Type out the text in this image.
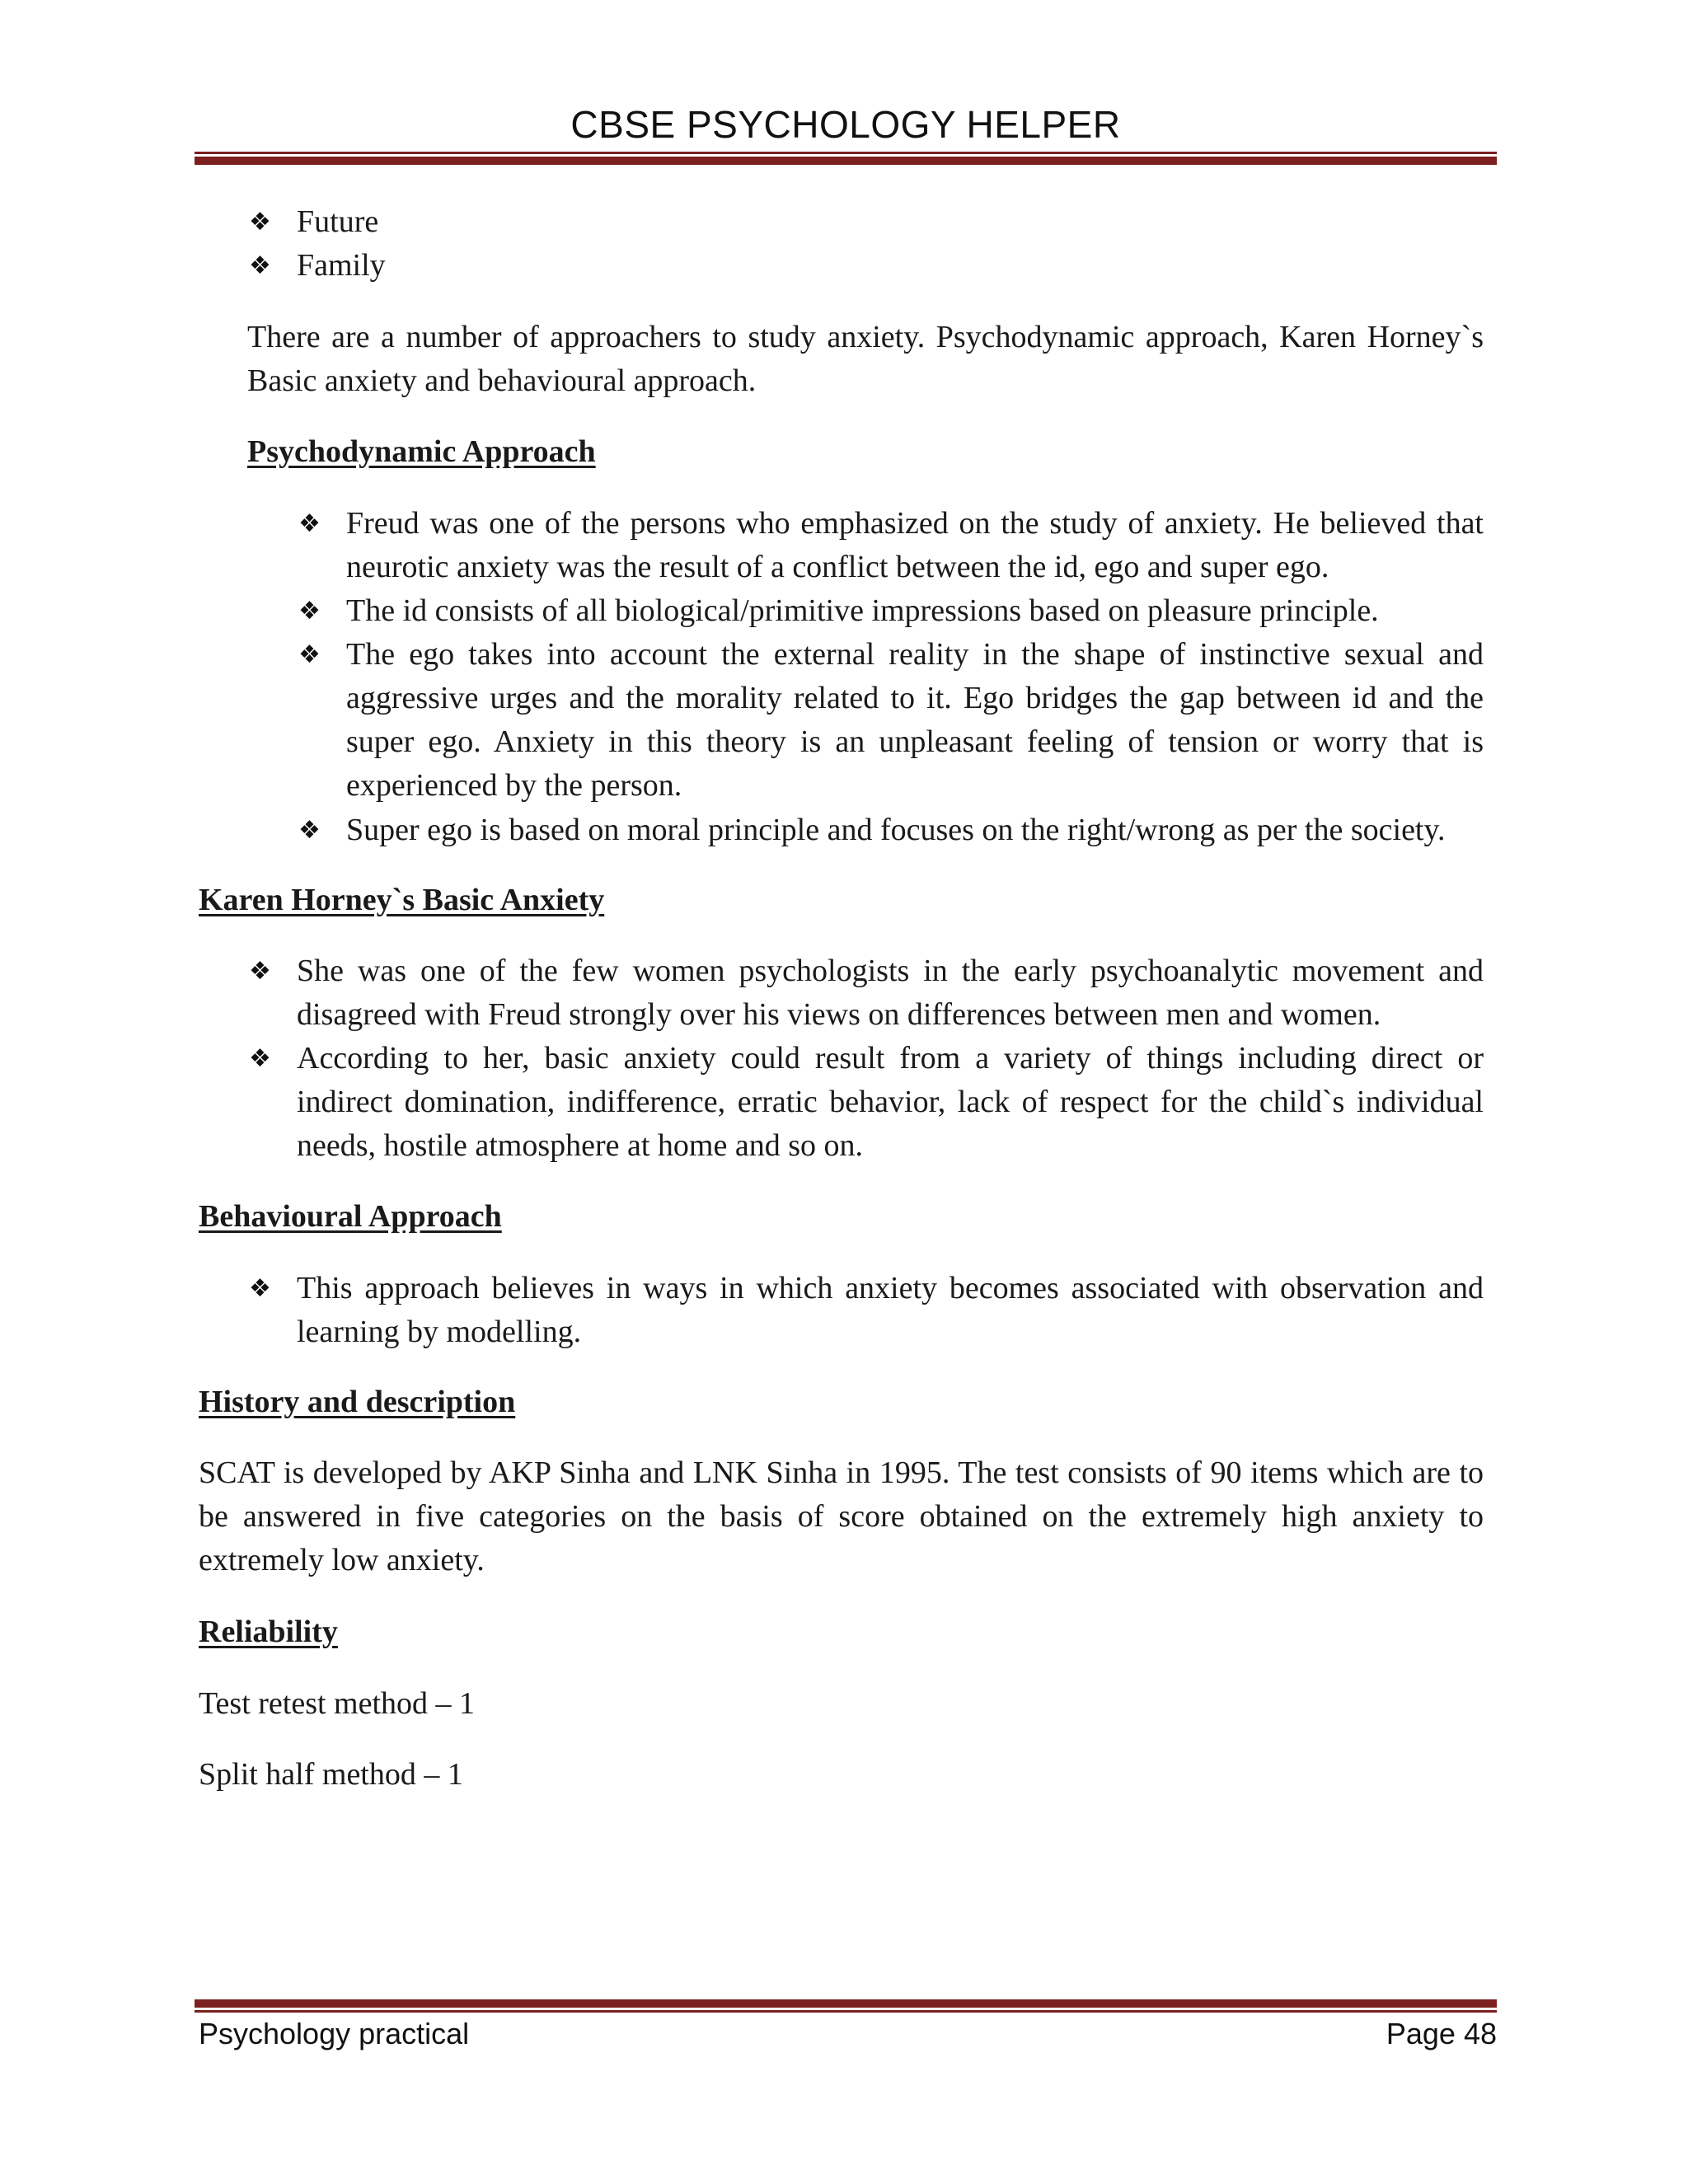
CBSE PSYCHOLOGY HELPER
❖ Future
❖ Family
There are a number of approachers to study anxiety. Psychodynamic approach, Karen Horney`s Basic anxiety and behavioural approach.
Psychodynamic Approach
❖ Freud was one of the persons who emphasized on the study of anxiety. He believed that neurotic anxiety was the result of a conflict between the id, ego and super ego.
❖ The id consists of all biological/primitive impressions based on pleasure principle.
❖ The ego takes into account the external reality in the shape of instinctive sexual and aggressive urges and the morality related to it. Ego bridges the gap between id and the super ego. Anxiety in this theory is an unpleasant feeling of tension or worry that is experienced by the person.
❖ Super ego is based on moral principle and focuses on the right/wrong as per the society.
Karen Horney`s Basic Anxiety
❖ She was one of the few women psychologists in the early psychoanalytic movement and disagreed with Freud strongly over his views on differences between men and women.
❖ According to her, basic anxiety could result from a variety of things including direct or indirect domination, indifference, erratic behavior, lack of respect for the child`s individual needs, hostile atmosphere at home and so on.
Behavioural Approach
❖ This approach believes in ways in which anxiety becomes associated with observation and learning by modelling.
History and description
SCAT is developed by AKP Sinha and LNK Sinha in 1995. The test consists of 90 items which are to be answered in five categories on the basis of score obtained on the extremely high anxiety to extremely low anxiety.
Reliability
Test retest method – 1
Split half method – 1
Psychology practical	Page 48
